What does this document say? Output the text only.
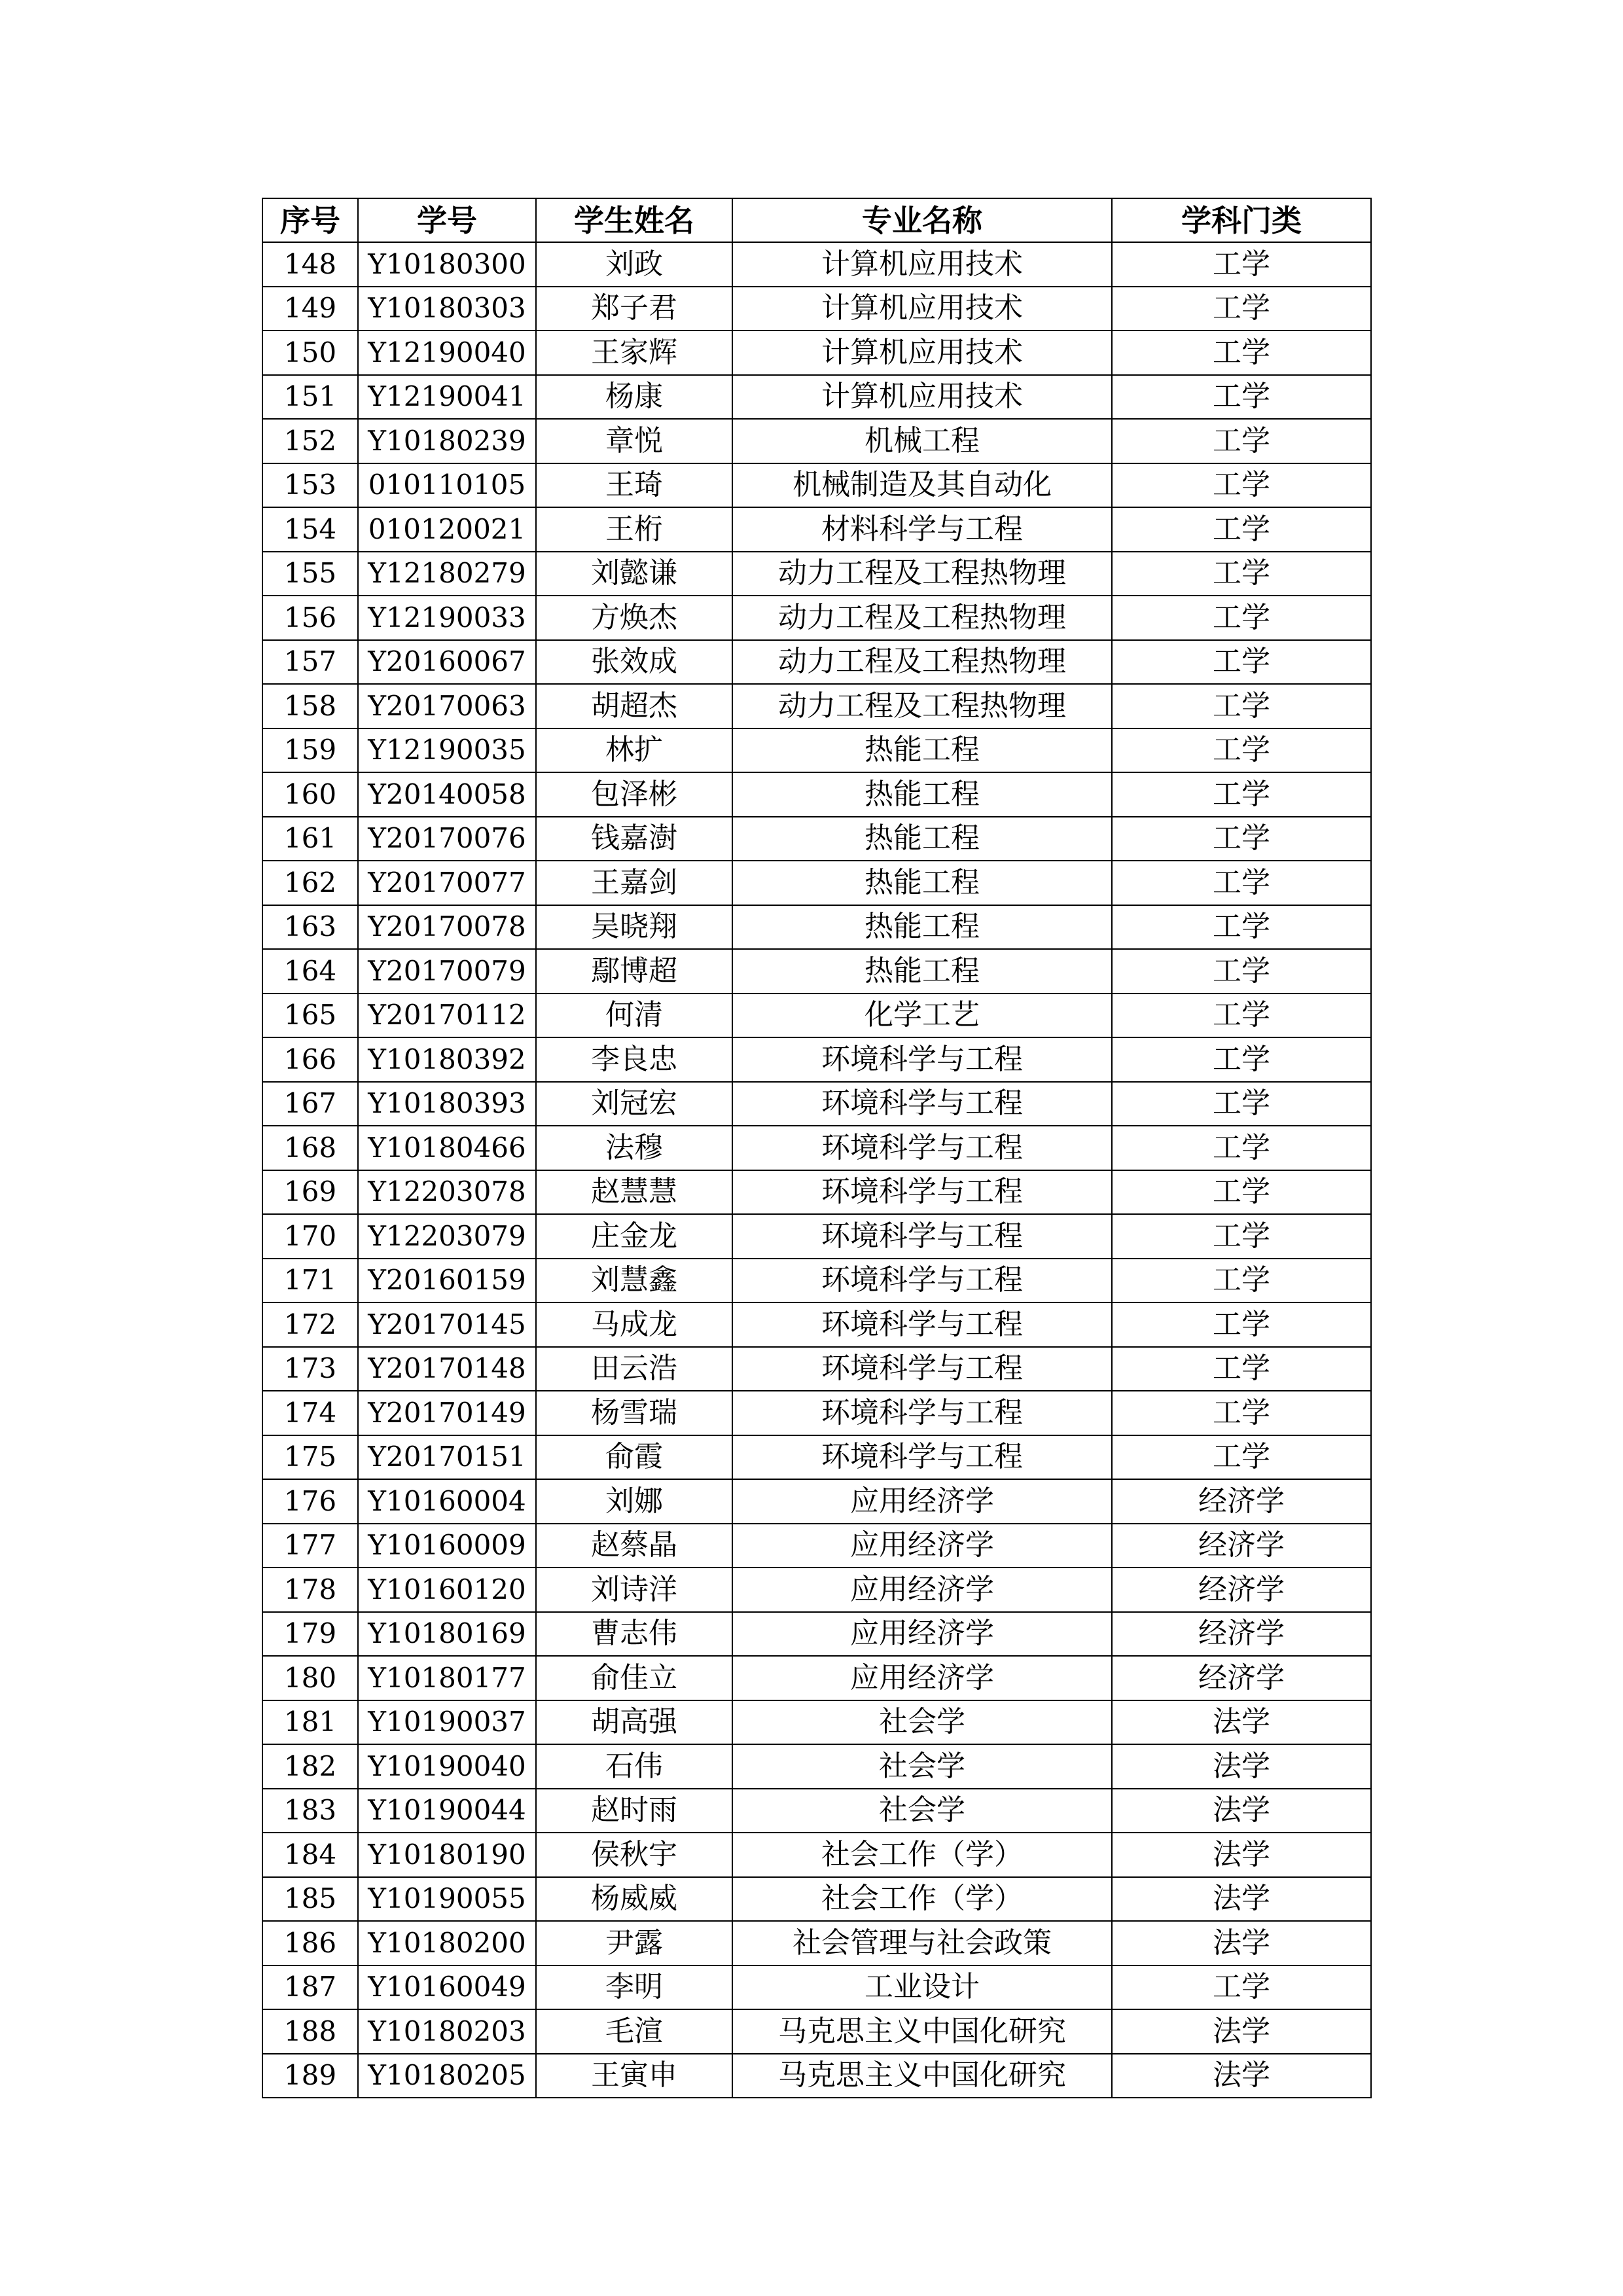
序号	学号	学生姓名	专业名称	学科门类
148	Y10180300	刘政	计算机应用技术	工学
149	Y10180303	郑子君	计算机应用技术	工学
150	Y12190040	王家辉	计算机应用技术	工学
151	Y12190041	杨康	计算机应用技术	工学
152	Y10180239	章悦	机械工程	工学
153	010110105	王琦	机械制造及其自动化	工学
154	010120021	王桁	材料科学与工程	工学
155	Y12180279	刘懿谦	动力工程及工程热物理	工学
156	Y12190033	方焕杰	动力工程及工程热物理	工学
157	Y20160067	张效成	动力工程及工程热物理	工学
158	Y20170063	胡超杰	动力工程及工程热物理	工学
159	Y12190035	林扩	热能工程	工学
160	Y20140058	包泽彬	热能工程	工学
161	Y20170076	钱嘉澍	热能工程	工学
162	Y20170077	王嘉剑	热能工程	工学
163	Y20170078	吴晓翔	热能工程	工学
164	Y20170079	鄢博超	热能工程	工学
165	Y20170112	何清	化学工艺	工学
166	Y10180392	李良忠	环境科学与工程	工学
167	Y10180393	刘冠宏	环境科学与工程	工学
168	Y10180466	法穆	环境科学与工程	工学
169	Y12203078	赵慧慧	环境科学与工程	工学
170	Y12203079	庄金龙	环境科学与工程	工学
171	Y20160159	刘慧鑫	环境科学与工程	工学
172	Y20170145	马成龙	环境科学与工程	工学
173	Y20170148	田云浩	环境科学与工程	工学
174	Y20170149	杨雪瑞	环境科学与工程	工学
175	Y20170151	俞霞	环境科学与工程	工学
176	Y10160004	刘娜	应用经济学	经济学
177	Y10160009	赵蔡晶	应用经济学	经济学
178	Y10160120	刘诗洋	应用经济学	经济学
179	Y10180169	曹志伟	应用经济学	经济学
180	Y10180177	俞佳立	应用经济学	经济学
181	Y10190037	胡高强	社会学	法学
182	Y10190040	石伟	社会学	法学
183	Y10190044	赵时雨	社会学	法学
184	Y10180190	侯秋宇	社会工作（学）	法学
185	Y10190055	杨威威	社会工作（学）	法学
186	Y10180200	尹露	社会管理与社会政策	法学
187	Y10160049	李明	工业设计	工学
188	Y10180203	毛渲	马克思主义中国化研究	法学
189	Y10180205	王寅申	马克思主义中国化研究	法学
